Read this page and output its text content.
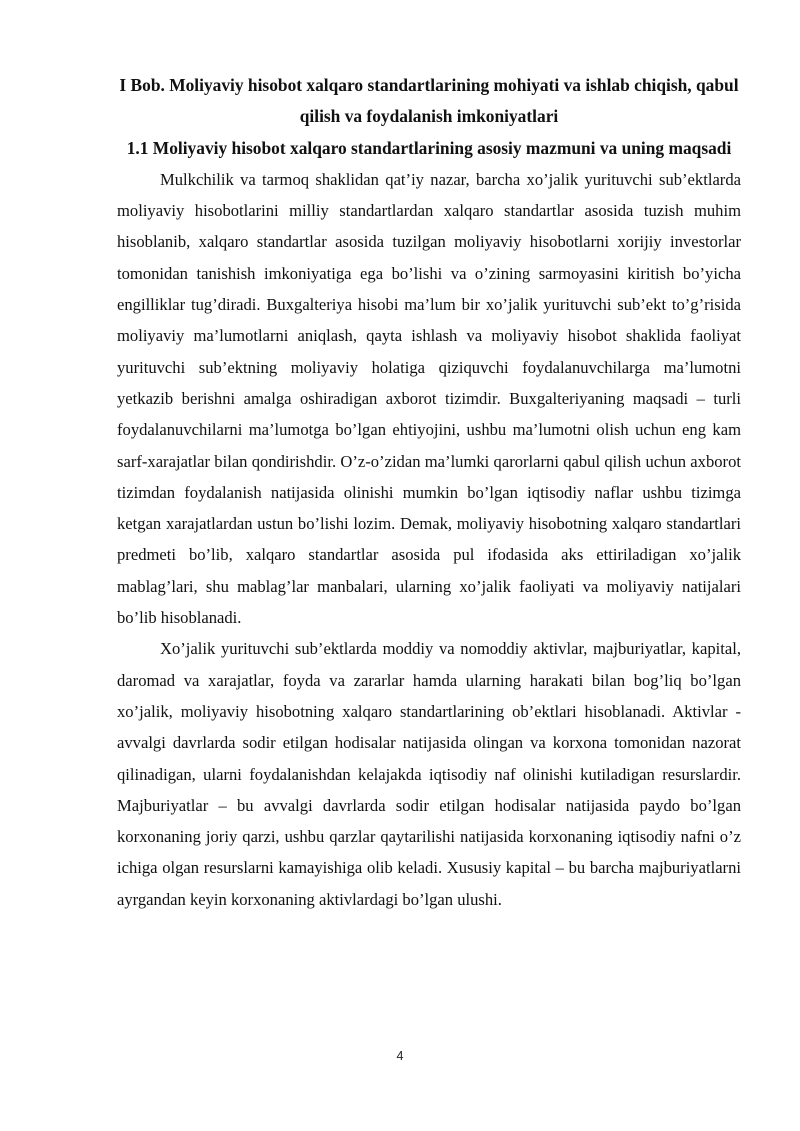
I Bob. Moliyaviy hisobot xalqaro standartlarining mohiyati va ishlab chiqish, qabul qilish va foydalanish imkoniyatlari
1.1 Moliyaviy hisobot xalqaro standartlarining asosiy mazmuni va uning maqsadi

Mulkchilik va tarmoq shaklidan qat’iy nazar, barcha xo’jalik yurituvchi sub’ektlarda moliyaviy hisobotlarini milliy standartlardan xalqaro standartlar asosida tuzish muhim hisoblanib, xalqaro standartlar asosida tuzilgan moliyaviy hisobotlarni xorijiy investorlar tomonidan tanishish imkoniyatiga ega bo’lishi va o’zining sarmoyasini kiritish bo’yicha engilliklar tug’diradi. Buxgalteriya hisobi ma’lum bir xo’jalik yurituvchi sub’ekt to’g’risida moliyaviy ma’lumotlarni aniqlash, qayta ishlash va moliyaviy hisobot shaklida faoliyat yurituvchi sub’ektning moliyaviy holatiga qiziquvchi foydalanuvchilarga ma’lumotni yetkazib berishni amalga oshiradigan axborot tizimdir. Buxgalteriyaning maqsadi – turli foydalanuvchilarni ma’lumotga bo’lgan ehtiyojini, ushbu ma’lumotni olish uchun eng kam sarf-xarajatlar bilan qondirishdir. O’z-o’zidan ma’lumki qarorlarni qabul qilish uchun axborot tizimdan foydalanish natijasida olinishi mumkin bo’lgan iqtisodiy naflar ushbu tizimga ketgan xarajatlardan ustun bo’lishi lozim. Demak, moliyaviy hisobotning xalqaro standartlari predmeti bo’lib, xalqaro standartlar asosida pul ifodasida aks ettiriladigan xo’jalik mablag’lari, shu mablag’lar manbalari, ularning xo’jalik faoliyati va moliyaviy natijalari bo’lib hisoblanadi.

Xo’jalik yurituvchi sub’ektlarda moddiy va nomoddiy aktivlar, majburiyatlar, kapital, daromad va xarajatlar, foyda va zararlar hamda ularning harakati bilan bog’liq bo’lgan xo’jalik, moliyaviy hisobotning xalqaro standartlarining ob’ektlari hisoblanadi. Aktivlar - avvalgi davrlarda sodir etilgan hodisalar natijasida olingan va korxona tomonidan nazorat qilinadigan, ularni foydalanishdan kelajakda iqtisodiy naf olinishi kutiladigan resurslardir. Majburiyatlar – bu avvalgi davrlarda sodir etilgan hodisalar natijasida paydo bo’lgan korxonaning joriy qarzi, ushbu qarzlar qaytarilishi natijasida korxonaning iqtisodiy nafni o’z ichiga olgan resurslarni kamayishiga olib keladi. Xususiy kapital – bu barcha majburiyatlarni ayrgandan keyin korxonaning aktivlardagi bo’lgan ulushi.

4
